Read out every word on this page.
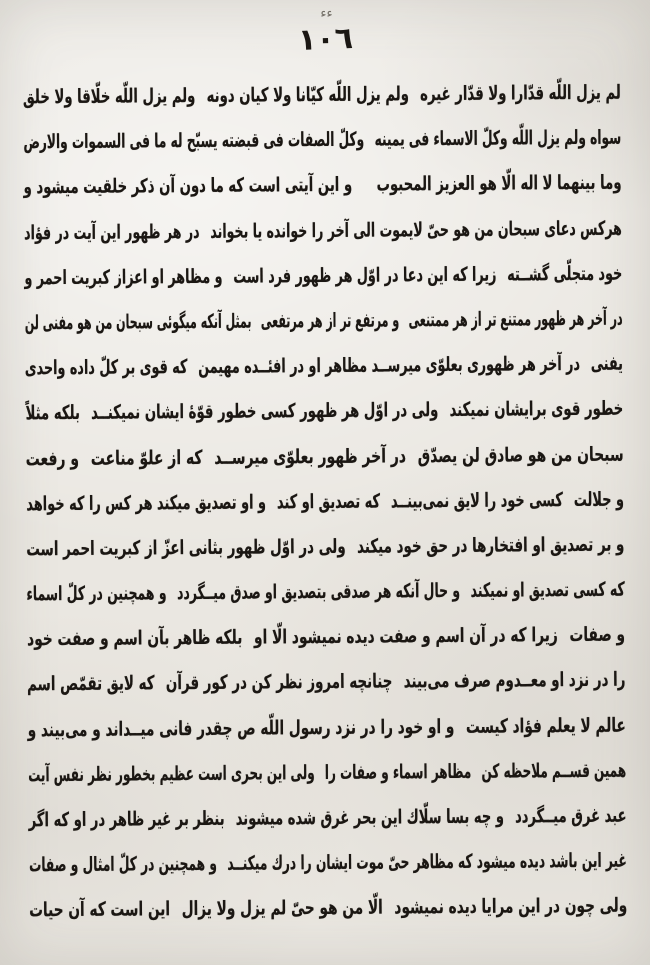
ءء
١٠٦
لم يزل اللّه قدّارا ولا قدّار غيره  ولم يزل اللّه كيّانا ولا كيان دونه  ولم يزل اللّه خلّاقا ولا خلق
سواه ولم يزل اللّه وكلّ الاسماء فى يمينه  وكلّ الصفات فى قبضته يسبّح له ما فى السموات والارض
وما بينهما لا اله الّا هو العزيز المحبوب   و اين آيتى است كه ما دون آن ذكر خلقيت ميشود و
هركس دعاى سبحان من هو حىّ لايموت الى آخر را خوانده يا بخواند  در هر ظهور اين آيت در فؤاد
خود متجلّى گشــته  زيرا كه اين دعا در اوّل هر ظهور فرد است  و مظاهر او اعزاز كبريت احمر و
در آخر هر ظهور ممتنع تر از هر ممتنعى  و مرتفع تر از هر مرتفعى  بمثل آنكه ميگوئى سبحان من هو مفنى لن
يفنى  در آخر هر ظهورى بعلوّى ميرســد مظاهر او در افئــده مهيمن  كه قوى بر كلّ داده واحدى
خطور قوى برايشان نميكند  ولى در اوّل هر ظهور كسى خطور قوّۀ ايشان نميكنــد  بلكه مثلاً
سبحان من هو صادق لن يصدّق  در آخر ظهور بعلوّى ميرســد  كه از علوّ مناعت  و رفعت
و جلالت  كسى خود را لايق نمى‌بينــد  كه تصديق او كند  و او تصديق ميكند هر كس را كه خواهد
و بر تصديق او افتخارها در حق خود ميكند  ولى در اوّل ظهور بثانى اعزّ از كبريت احمر است
كه كسى تصديق او نميكند  و حال آنكه هر صدقى بتصديق او صدق ميــگردد  و همچنين در كلّ اسماء
و صفات  زيرا كه در آن اسم و صفت ديده نميشود الّا او  بلكه ظاهر بآن اسم و صفت خود
را در نزد او معــدوم صرف مى‌بيند  چنانچه امروز نظر كن در كور قرآن  كه لايق تقمّص اسم
عالم لا يعلم فؤاد كيست  و او خود را در نزد رسول اللّه ص چقدر فانى ميــداند و مى‌بيند و
همين قســم ملاحظه كن  مظاهر اسماء و صفات را  ولى اين بحرى است عظيم بخطور نظر نفس آيت
عبد غرق ميــگردد  و چه بسا سلّاك اين بحر غرق شده ميشوند  بنظر بر غير ظاهر در او كه اگر
غير اين باشد ديده ميشود كه مظاهر حىّ موت ايشان را درك ميكنــد  و همچنين در كلّ امثال و صفات
ولى چون در اين مرايا ديده نميشود  الّا من هو حىّ لم يزل ولا يزال  اين است كه آن حيات
